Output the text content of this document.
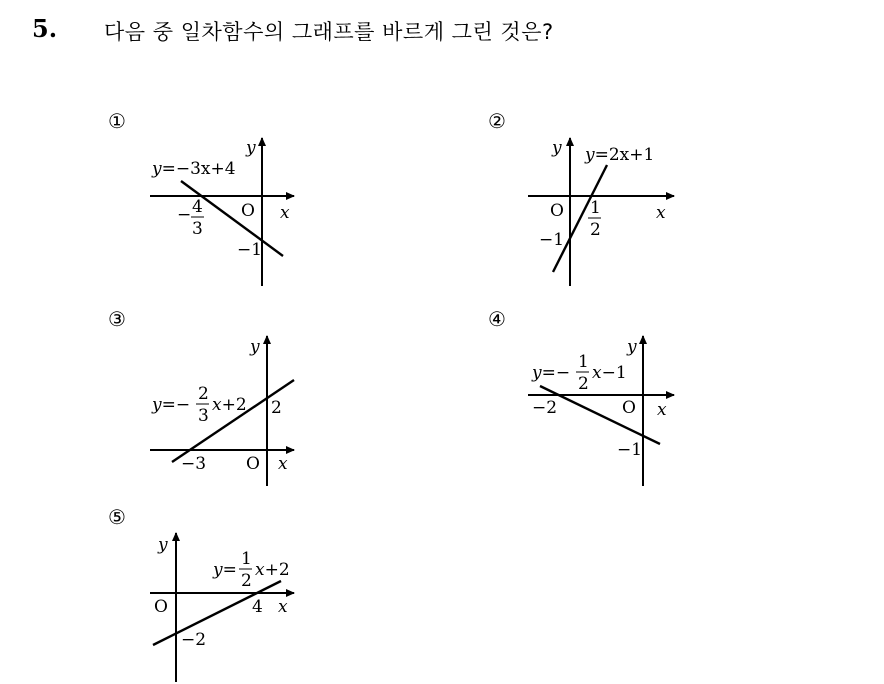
5. 다음 중 일차함수의 그래프를 바르게 그린 것은?
①
y
x
O
y=−3x+4
− 4
3
−1
②
y
x
O
y=2x+1
1
2
−1
③
y
x
O
y=−
2
3
x+2 2
−3
④
y
x
O
y=−
1
2
x−1
−2
−1
⑤
y
x
O
y=
1
2
x+2
4
−2
